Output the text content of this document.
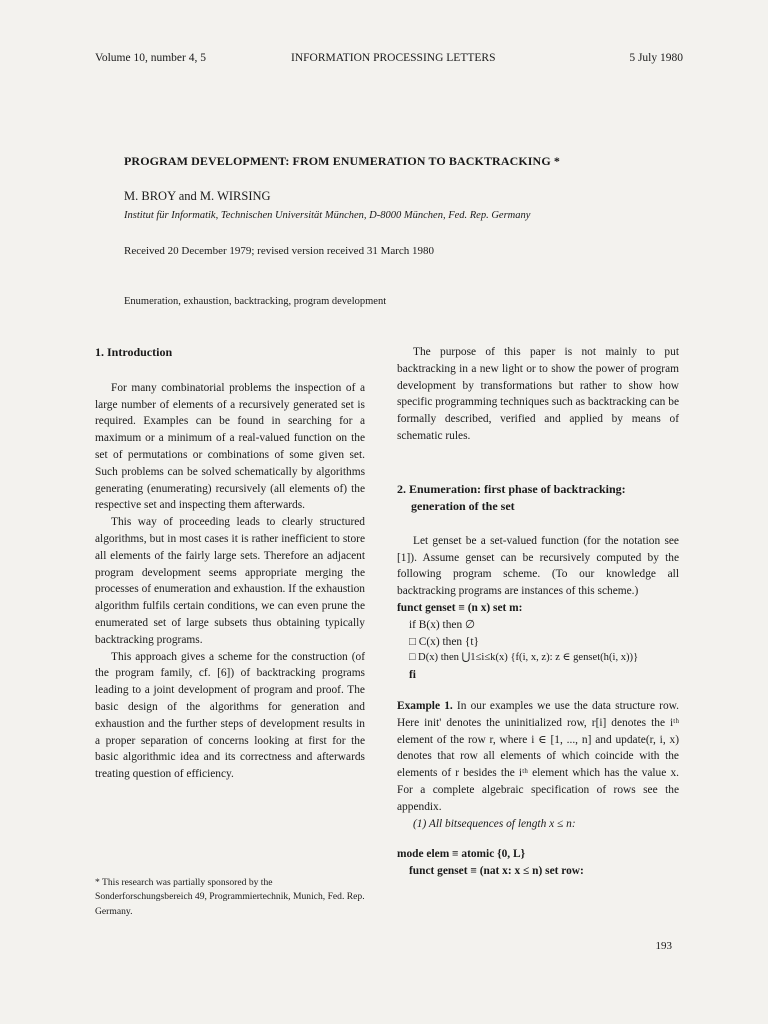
Volume 10, number 4, 5	INFORMATION PROCESSING LETTERS	5 July 1980
PROGRAM DEVELOPMENT: FROM ENUMERATION TO BACKTRACKING *
M. BROY and M. WIRSING
Institut für Informatik, Technischen Universität München, D-8000 München, Fed. Rep. Germany
Received 20 December 1979; revised version received 31 March 1980
Enumeration, exhaustion, backtracking, program development

1. Introduction

For many combinatorial problems the inspection of a large number of elements of a recursively generated set is required. Examples can be found in searching for a maximum or a minimum of a real-valued function on the set of permutations or combinations of some given set. Such problems can be solved schematically by algorithms generating (enumerating) recursively (all elements of) the respective set and inspecting them afterwards.

This way of proceeding leads to clearly structured algorithms, but in most cases it is rather inefficient to store all elements of the fairly large sets. Therefore an adjacent program development seems appropriate merging the processes of enumeration and exhaustion. If the exhaustion algorithm fulfils certain conditions, we can even prune the enumerated set of large subsets thus obtaining typically backtracking programs.

This approach gives a scheme for the construction (of the program family, cf. [6]) of backtracking programs leading to a joint development of program and proof. The basic design of the algorithms for generation and exhaustion and the further steps of development results in a proper separation of concerns looking at first for the basic algorithmic idea and its correctness and afterwards treating question of efficiency.

* This research was partially sponsored by the Sonderforschungsbereich 49, Programmiertechnik, Munich, Fed. Rep. Germany.

The purpose of this paper is not mainly to put backtracking in a new light or to show the power of program development by transformations but rather to show how specific programming techniques such as backtracking can be formally described, verified and applied by means of schematic rules.

2. Enumeration: first phase of backtracking: generation of the set

Let genset be a set-valued function (for the notation see [1]). Assume genset can be recursively computed by the following program scheme. (To our knowledge all backtracking programs are instances of this scheme.)

funct genset ≡ (n x) set m:
if B(x) then ∅
□ C(x) then {t}
□ D(x) then ⋃1≤i≤k(x) {f(i, x, z): z ∈ genset(h(i, x))}
fi

Example 1. In our examples we use the data structure row. Here init' denotes the uninitialized row, r[i] denotes the iᵗʰ element of the row r, where i ∈ [1, ..., n] and update(r, i, x) denotes that row all elements of which coincide with the elements of r besides the iᵗʰ element which has the value x. For a complete algebraic specification of rows see the appendix.

(1) All bitsequences of length x ≤ n:
mode elem ≡ atomic {0, L}
funct genset ≡ (nat x: x ≤ n) set row:
193
